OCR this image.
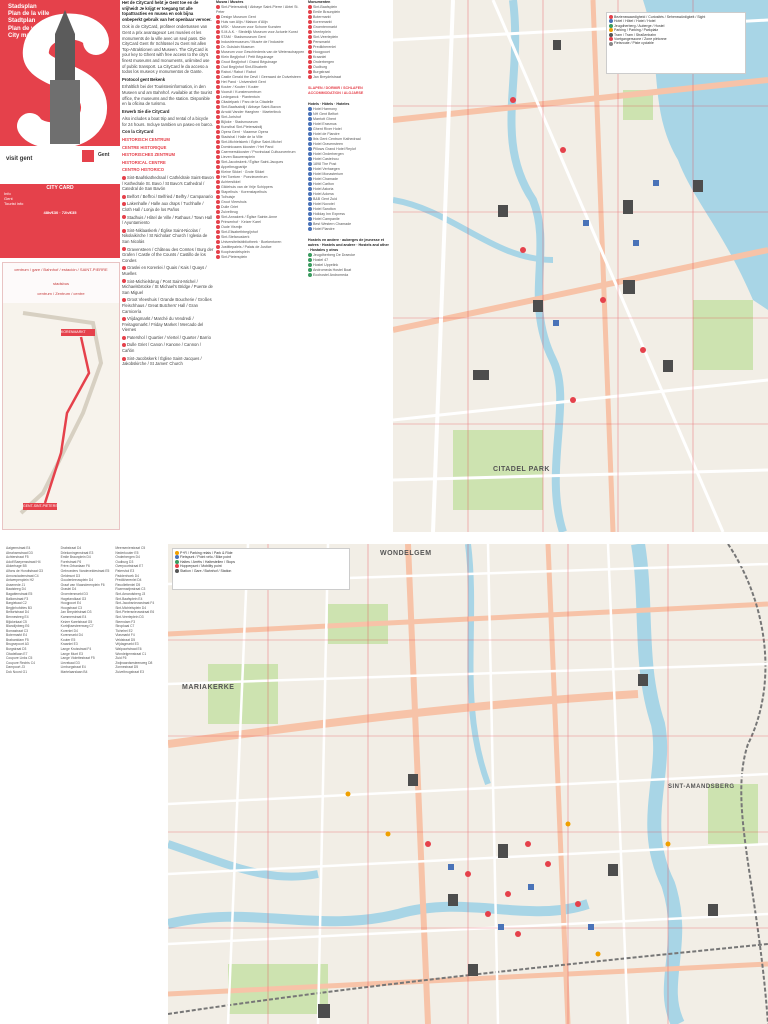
Stadsplan
Plan de la ville
Stadtplan
Plan de ville
City map
visit gent
Gent
CITY CARD
Info
Gent
Tourist info
48h/€30 · 72h/€35
centrum / gare / Bahnhof / estación / SAINT-PIERRE
stadsbus
centrum / Zentrum / centre
KORENMARKT
GENT-SINT-PIETERS

Het de CityCard hebt je Gent toe en de vrijheid! Je krijgt er toegang tot alle topattracties en musea en ook bijna onbeperkt gebruik van het openbaar vervoer.

Ook in de CityCard, profiteer ondertussen van Gent a prix avantageux! Les musées et les monuments de la ville avec un seul pass. Die CityCard Gent Ihr Schlüssel zu Gent mit allen Top-Attraktionen und Museen. The CityCard is your key to Ghent with free access to the city's finest museums and monuments, unlimited use of public transport. La CityCard le da acceso a todos los museos y monumentos de Gante.

Protocol gent Bekenk

Erhältlich bei der Touristeninformation, in den Museen und am Bahnhof. Available at the tourist office, the museums and the station. Disponible en la oficina de turismo.

Erwerb Sie die CityCard

Also includes a boat trip and rental of a bicycle for 24 hours. Incluye tambien un paseo en barco.

Con la CityCard

HISTORISCH CENTRUM

CENTRE HISTORIQUE

HISTORISCHES ZENTRUM

HISTORICAL CENTRE

CENTRO HISTORICO

Sint-Baafskathedraal / Cathédrale Saint-Bavon / Kathedrale St. Bavo / St Bavo's Cathedral / Catedral de San Bavón

Belfort / Beffroi / Belfried / Belfry / Campanario

Lakenhalle / Halle aux draps / Tuchhalle / Cloth Hall / Lonja de los Paños

Stadhuis / Hôtel de Ville / Rathaus / Town Hall / Ayuntamiento

Sint-Niklaaskerk / Église Saint-Nicolas / Nikolaikirche / St Nicholas' Church / Iglesia de San Nicolás

Gravensteen / Château des Comtes / Burg der Grafen / Castle of the Counts / Castillo de los Condes

Graslei en Korenlei / Quais / Kais / Quays / Muelles

Sint-Michielsbrug / Pont Saint-Michel / Michaelsbrücke / St Michael's Bridge / Puente de San Miguel

Groot Vleeshuis / Grande Boucherie / Großes Fleischhaus / Great Butchers' Hall / Gran Carnicería

Vrijdagmarkt / Marché du Vendredi / Freitagsmarkt / Friday Market / Mercado del Viernes

Patershol / Quartier / Viertel / Quarter / Barrio

Dulle Griet / Canon / Kanone / Cannon / Cañón

Sint-Jacobskerk / Église Saint-Jacques / Jakobskirche / St James' Church

Musea / Musées
Sint-Pietersabdij / Abbaye Saint-Pierre / Abtei St. Peter
Design Museum Gent
Huis van Alijn / Maison d'Alijn
MSK · Museum voor Schone Kunsten
S.M.A.K. · Stedelijk Museum voor Actuele Kunst
STAM · Stadsmuseum Gent
Industriemuseum / Musée de l'Industrie
Dr. Guislain Museum
Museum voor Geschiedenis van de Wetenschappen
Klein Begijnhof / Petit Béguinage
Groot Begijnhof / Grand Béguinage
Oud Begijnhof Sint-Elisabeth
Rabot / Rabot / Rabot
Castle Gerald the Devil / Geeraard de Duivelsteen
Het Pand · Universiteit Gent
Kouter / Kouter / Kouter
Vooruit / Kunstencentrum
Ledeganck · Plantentuin
Citadelpark / Parc de la Citadelle
Sint-Baafsabdij / Abbaye Saint-Bavon
Arnold Vander Haeghen · Maeterlinck
Sint-Jorishof
Bijloke · Stadsmuseum
Kunsthal Sint-Pietersabdij
Opera Gent · Vlaamse Opera
Stadshal / Halle de la Ville
Sint-Michielskerk / Église Saint-Michel
Dominicaans klooster / Het Pand
Caermersklooster / Provinciaal Cultuurcentrum
Lieven Bauwensplein
Sint-Jacobskerk / Église Saint-Jacques
Appelbrugparkje
Kleine Sikkel · Grote Sikkel
Het Toreken · Poeziecentrum
Achtersikkel
Gildehuis van de Vrije Schippers
Stapelhuis · Korenstapelhuis
Tolhuisje
Groot Vleeshuis
Dulle Griet
Zuivelbrug
Sint-Annakerk / Église Sainte-Anne
Prinsenhof · Keizer Karel
Oude Vismijn
Sint-Elisabethbegijnhof
Sint-Stefanuskerk
Universiteitsbibliotheek · Boekentoren
Justitiepaleis / Palais de Justice
Koophandelsplein
Sint-Pietersplein
Monumenten
Sint-Baafsplein
Emile Braunplein
Botermarkt
Korenmarkt
Groentenmarkt
Veerleplein
Sint-Veerleplein
Pensmarkt
Predikherenlei
Hoogpoort
Kraanlei
Onderbergen
Oudburg
Burgstraat
Jan Breydelstraat
SLAPEN / DORMIR / SCHLAFEN
ACCOMMODATION / ALOJARSE
Hotels · Hôtels · Hoteles
Hotel Harmony
NH Gent Belfort
Marriott Ghent
Hotel Erasmus
Ghent River Hotel
Hotel de Flandre
Ibis Gent Centrum Kathedraal
Hotel Gravensteen
Pillows Grand Hotel Reylof
Hotel Onderbergen
Hotel Castelnou
1898 The Post
Hotel Verhaegen
Hotel Monasterium
Hotel Chamade
Hotel Carlton
Hotel Astoria
Hotel Adoma
B&B Gent Zuid
Hotel Novotel
Hotel Sandton
Holiday Inn Express
Hotel Campanile
Best Western Chamade
Hotel Flandre
Hostels en andere · auberges de jeunesse et autres · Hostels und andere · Hostels and other · Hostales y otros
Jeugdherberg De Draecke
Hostel 47
Hostel Uppelink
Andromeda Hostel Boat
Ecohostel Andromeda
CITADEL PARK
Bezienswaardigheid / Curiosités / Sehenswürdigkeit / Sight
Hotel / Hôtel / Hotel / Hotel
Jeugdherberg / Auberge / Hostel
Parking / Parking / Parkplatz
Tram / Tram / Straßenbahn
Voetgangerszone / Zone piétonne
Fietsroute / Piste cyclable
Aaigemstraat E4
Abrahamstraat D3
Achterstraat F5
Adolf Baeyensstraat H4
Akkerhage B5
Alfons de Hondtstraat G3
Annonciadenstraat C4
Antwerpenplein H2
Assenede J1
Baaisteeg D4
Bagattenstraat E5
Ballonstraat F3
Bargiekaai C2
Begijnhofdries B3
Belfortstraat D4
Bennesteeg E4
Bijlokekaai C5
Blandijnberg E6
Bomastraat C3
Botermarkt E4
Brabantdam F5
Brugsepoort A3
Burgstraat D3
Citadellaan E7
Coupure Links C5
Coupure Rechts C4
Dampoort J3
Dok Noord G1
Drabstraat D4
Driekoningenstraat E3
Emile Braunplein D4
Forelstraat F6
Frère-Orbanlaan F6
Gebroeders Vandeveldestraat E5
Geldmunt D3
Goudenleeuwplein D4
Graaf van Vlaanderenplein F6
Graslei D4
Groentenmarkt D3
Hagelandkaai G3
Hoogpoort E4
Hoogstraat C3
Jan Breydelstraat D3
Kammerstraat E4
Keizer Karelstraat G5
Kortrijksesteenweg C7
Korenlei D4
Korenmarkt D4
Kouter E5
Kraanlei E3
Lange Kruisstraat F4
Lange Munt E3
Lange Violettestraat F5
Lievekaai D3
Limburgstraat E4
Martelaarslaan B4
Meersenierstraat C5
Nederkouter E5
Onderbergen D4
Oudburg D3
Overpoortstraat E7
Patershol E3
Paddenhoek D4
Predikherenlei D4
Recollettenlei D5
Rozemarijnstraat C3
Sint-Amandsberg J3
Sint-Baafsplein E4
Sint-Jacobsnieuwstraat F4
Sint-Michielsplein D4
Sint-Pietersnieuwstraat E6
Sint-Veerleplein D3
Steendam F3
Stropkaai C7
Tichelrei E2
Vlasmarkt F4
Veldstraat D5
Vrijdagmarkt E3
Walpoortstraat E6
Wondelgemstraat C1
Zuid F6
Zwijnaardsesteenweg D8
Zonnestraat D5
Zuivelbrugstraat E3
WONDELGEM
MARIAKERKE
SINT-AMANDSBERG
P+R / Parking relais / Park & Ride
Fietspunt / Point vélo / Bike point
Haltes / Arrêts / Haltestellen / Stops
Hopperpunt / Mobility point
Station / Gare / Bahnhof / Station
